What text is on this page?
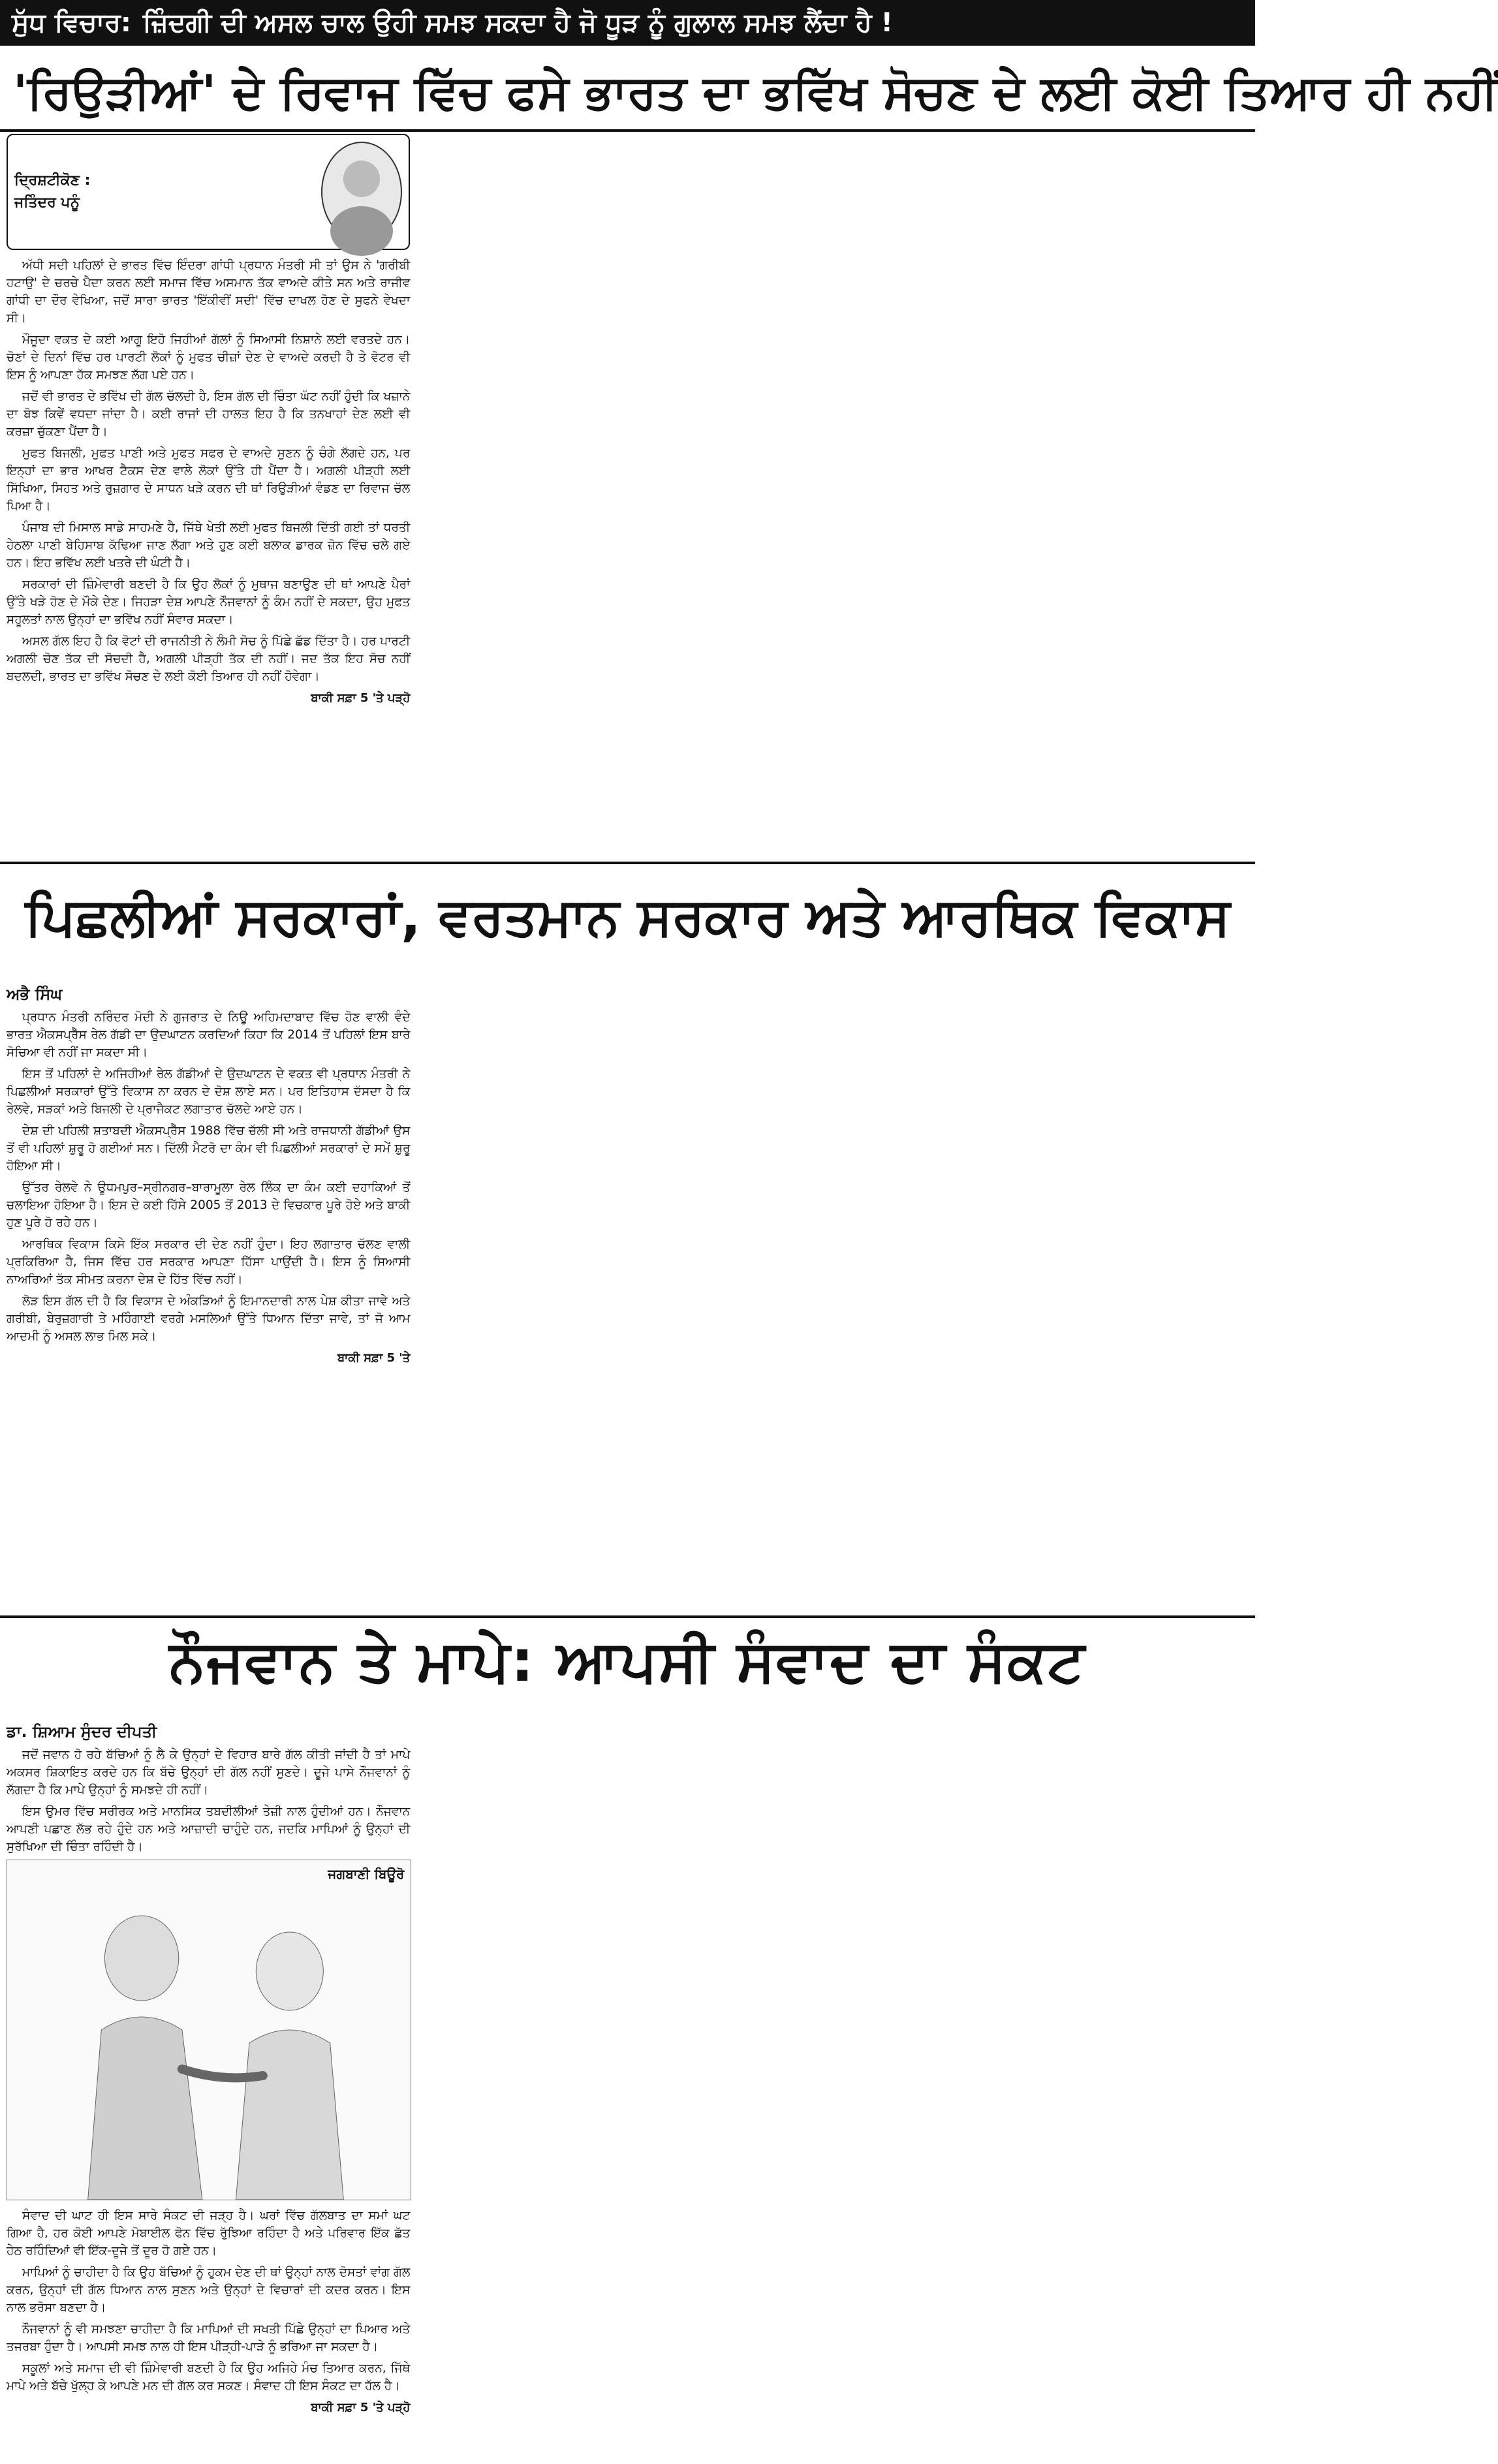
ਸੁੱਧ ਵਿਚਾਰ: ਜ਼ਿੰਦਗੀ ਦੀ ਅਸਲ ਚਾਲ ਉਹੀ ਸਮਝ ਸਕਦਾ ਹੈ ਜੋ ਧੂੜ ਨੂੰ ਗੁਲਾਲ ਸਮਝ ਲੈਂਦਾ ਹੈ !
'ਰਿਉੜੀਆਂ' ਦੇ ਰਿਵਾਜ ਵਿੱਚ ਫਸੇ ਭਾਰਤ ਦਾ ਭਵਿੱਖ ਸੋਚਣ ਦੇ ਲਈ ਕੋਈ ਤਿਆਰ ਹੀ ਨਹੀਂ
ਦ੍ਰਿਸ਼ਟੀਕੋਣ :
ਜਤਿੰਦਰ ਪਨੂੰ

ਅੱਧੀ ਸਦੀ ਪਹਿਲਾਂ ਦੇ ਭਾਰਤ ਵਿੱਚ ਇੰਦਰਾ ਗਾਂਧੀ ਪ੍ਰਧਾਨ ਮੰਤਰੀ ਸੀ ਤਾਂ ਉਸ ਨੇ 'ਗਰੀਬੀ ਹਟਾਉ' ਦੇ ਚਰਚੇ ਪੈਦਾ ਕਰਨ ਲਈ ਸਮਾਜ ਵਿੱਚ ਅਸਮਾਨ ਤੱਕ ਵਾਅਦੇ ਕੀਤੇ ਸਨ ਅਤੇ ਰਾਜੀਵ ਗਾਂਧੀ ਦਾ ਦੌਰ ਵੇਖਿਆ, ਜਦੋਂ ਸਾਰਾ ਭਾਰਤ 'ਇੱਕੀਵੀਂ ਸਦੀ' ਵਿੱਚ ਦਾਖਲ ਹੋਣ ਦੇ ਸੁਫਨੇ ਵੇਖਦਾ ਸੀ।

ਮੌਜੂਦਾ ਵਕਤ ਦੇ ਕਈ ਆਗੂ ਇਹੋ ਜਿਹੀਆਂ ਗੱਲਾਂ ਨੂੰ ਸਿਆਸੀ ਨਿਸ਼ਾਨੇ ਲਈ ਵਰਤਦੇ ਹਨ। ਚੋਣਾਂ ਦੇ ਦਿਨਾਂ ਵਿੱਚ ਹਰ ਪਾਰਟੀ ਲੋਕਾਂ ਨੂੰ ਮੁਫਤ ਚੀਜ਼ਾਂ ਦੇਣ ਦੇ ਵਾਅਦੇ ਕਰਦੀ ਹੈ ਤੇ ਵੋਟਰ ਵੀ ਇਸ ਨੂੰ ਆਪਣਾ ਹੱਕ ਸਮਝਣ ਲੱਗ ਪਏ ਹਨ।

ਜਦੋਂ ਵੀ ਭਾਰਤ ਦੇ ਭਵਿੱਖ ਦੀ ਗੱਲ ਚੱਲਦੀ ਹੈ, ਇਸ ਗੱਲ ਦੀ ਚਿੰਤਾ ਘੱਟ ਨਹੀਂ ਹੁੰਦੀ ਕਿ ਖਜ਼ਾਨੇ ਦਾ ਬੋਝ ਕਿਵੇਂ ਵਧਦਾ ਜਾਂਦਾ ਹੈ। ਕਈ ਰਾਜਾਂ ਦੀ ਹਾਲਤ ਇਹ ਹੈ ਕਿ ਤਨਖਾਹਾਂ ਦੇਣ ਲਈ ਵੀ ਕਰਜ਼ਾ ਚੁੱਕਣਾ ਪੈਂਦਾ ਹੈ।

ਮੁਫਤ ਬਿਜਲੀ, ਮੁਫਤ ਪਾਣੀ ਅਤੇ ਮੁਫਤ ਸਫਰ ਦੇ ਵਾਅਦੇ ਸੁਣਨ ਨੂੰ ਚੰਗੇ ਲੱਗਦੇ ਹਨ, ਪਰ ਇਨ੍ਹਾਂ ਦਾ ਭਾਰ ਆਖਰ ਟੈਕਸ ਦੇਣ ਵਾਲੇ ਲੋਕਾਂ ਉੱਤੇ ਹੀ ਪੈਂਦਾ ਹੈ। ਅਗਲੀ ਪੀੜ੍ਹੀ ਲਈ ਸਿੱਖਿਆ, ਸਿਹਤ ਅਤੇ ਰੁਜ਼ਗਾਰ ਦੇ ਸਾਧਨ ਖੜੇ ਕਰਨ ਦੀ ਥਾਂ ਰਿਉੜੀਆਂ ਵੰਡਣ ਦਾ ਰਿਵਾਜ ਚੱਲ ਪਿਆ ਹੈ।

ਪੰਜਾਬ ਦੀ ਮਿਸਾਲ ਸਾਡੇ ਸਾਹਮਣੇ ਹੈ, ਜਿੱਥੇ ਖੇਤੀ ਲਈ ਮੁਫਤ ਬਿਜਲੀ ਦਿੱਤੀ ਗਈ ਤਾਂ ਧਰਤੀ ਹੇਠਲਾ ਪਾਣੀ ਬੇਹਿਸਾਬ ਕੱਢਿਆ ਜਾਣ ਲੱਗਾ ਅਤੇ ਹੁਣ ਕਈ ਬਲਾਕ ਡਾਰਕ ਜ਼ੋਨ ਵਿੱਚ ਚਲੇ ਗਏ ਹਨ। ਇਹ ਭਵਿੱਖ ਲਈ ਖਤਰੇ ਦੀ ਘੰਟੀ ਹੈ।

ਸਰਕਾਰਾਂ ਦੀ ਜ਼ਿੰਮੇਵਾਰੀ ਬਣਦੀ ਹੈ ਕਿ ਉਹ ਲੋਕਾਂ ਨੂੰ ਮੁਥਾਜ ਬਣਾਉਣ ਦੀ ਥਾਂ ਆਪਣੇ ਪੈਰਾਂ ਉੱਤੇ ਖੜੇ ਹੋਣ ਦੇ ਮੌਕੇ ਦੇਣ। ਜਿਹੜਾ ਦੇਸ਼ ਆਪਣੇ ਨੌਜਵਾਨਾਂ ਨੂੰ ਕੰਮ ਨਹੀਂ ਦੇ ਸਕਦਾ, ਉਹ ਮੁਫਤ ਸਹੂਲਤਾਂ ਨਾਲ ਉਨ੍ਹਾਂ ਦਾ ਭਵਿੱਖ ਨਹੀਂ ਸੰਵਾਰ ਸਕਦਾ।

ਅਸਲ ਗੱਲ ਇਹ ਹੈ ਕਿ ਵੋਟਾਂ ਦੀ ਰਾਜਨੀਤੀ ਨੇ ਲੰਮੀ ਸੋਚ ਨੂੰ ਪਿੱਛੇ ਛੱਡ ਦਿੱਤਾ ਹੈ। ਹਰ ਪਾਰਟੀ ਅਗਲੀ ਚੋਣ ਤੱਕ ਦੀ ਸੋਚਦੀ ਹੈ, ਅਗਲੀ ਪੀੜ੍ਹੀ ਤੱਕ ਦੀ ਨਹੀਂ। ਜਦ ਤੱਕ ਇਹ ਸੋਚ ਨਹੀਂ ਬਦਲਦੀ, ਭਾਰਤ ਦਾ ਭਵਿੱਖ ਸੋਚਣ ਦੇ ਲਈ ਕੋਈ ਤਿਆਰ ਹੀ ਨਹੀਂ ਹੋਵੇਗਾ।

ਬਾਕੀ ਸਫ਼ਾ 5 'ਤੇ ਪੜ੍ਹੋ
ਪਿਛਲੀਆਂ ਸਰਕਾਰਾਂ, ਵਰਤਮਾਨ ਸਰਕਾਰ ਅਤੇ ਆਰਥਿਕ ਵਿਕਾਸ
ਅਭੈ ਸਿੰਘ

ਪ੍ਰਧਾਨ ਮੰਤਰੀ ਨਰਿੰਦਰ ਮੋਦੀ ਨੇ ਗੁਜਰਾਤ ਦੇ ਨਿਊ ਅਹਿਮਦਾਬਾਦ ਵਿੱਚ ਹੋਣ ਵਾਲੀ ਵੰਦੇ ਭਾਰਤ ਐਕਸਪ੍ਰੈੱਸ ਰੇਲ ਗੱਡੀ ਦਾ ਉਦਘਾਟਨ ਕਰਦਿਆਂ ਕਿਹਾ ਕਿ 2014 ਤੋਂ ਪਹਿਲਾਂ ਇਸ ਬਾਰੇ ਸੋਚਿਆ ਵੀ ਨਹੀਂ ਜਾ ਸਕਦਾ ਸੀ।

ਇਸ ਤੋਂ ਪਹਿਲਾਂ ਦੇ ਅਜਿਹੀਆਂ ਰੇਲ ਗੱਡੀਆਂ ਦੇ ਉਦਘਾਟਨ ਦੇ ਵਕਤ ਵੀ ਪ੍ਰਧਾਨ ਮੰਤਰੀ ਨੇ ਪਿਛਲੀਆਂ ਸਰਕਾਰਾਂ ਉੱਤੇ ਵਿਕਾਸ ਨਾ ਕਰਨ ਦੇ ਦੋਸ਼ ਲਾਏ ਸਨ। ਪਰ ਇਤਿਹਾਸ ਦੱਸਦਾ ਹੈ ਕਿ ਰੇਲਵੇ, ਸੜਕਾਂ ਅਤੇ ਬਿਜਲੀ ਦੇ ਪ੍ਰਾਜੈਕਟ ਲਗਾਤਾਰ ਚੱਲਦੇ ਆਏ ਹਨ।

ਦੇਸ਼ ਦੀ ਪਹਿਲੀ ਸ਼ਤਾਬਦੀ ਐਕਸਪ੍ਰੈੱਸ 1988 ਵਿੱਚ ਚੱਲੀ ਸੀ ਅਤੇ ਰਾਜਧਾਨੀ ਗੱਡੀਆਂ ਉਸ ਤੋਂ ਵੀ ਪਹਿਲਾਂ ਸ਼ੁਰੂ ਹੋ ਗਈਆਂ ਸਨ। ਦਿੱਲੀ ਮੈਟਰੋ ਦਾ ਕੰਮ ਵੀ ਪਿਛਲੀਆਂ ਸਰਕਾਰਾਂ ਦੇ ਸਮੇਂ ਸ਼ੁਰੂ ਹੋਇਆ ਸੀ।

ਉੱਤਰ ਰੇਲਵੇ ਨੇ ਊਧਮਪੁਰ–ਸ੍ਰੀਨਗਰ–ਬਾਰਾਮੂਲਾ ਰੇਲ ਲਿੰਕ ਦਾ ਕੰਮ ਕਈ ਦਹਾਕਿਆਂ ਤੋਂ ਚਲਾਇਆ ਹੋਇਆ ਹੈ। ਇਸ ਦੇ ਕਈ ਹਿੱਸੇ 2005 ਤੋਂ 2013 ਦੇ ਵਿਚਕਾਰ ਪੂਰੇ ਹੋਏ ਅਤੇ ਬਾਕੀ ਹੁਣ ਪੂਰੇ ਹੋ ਰਹੇ ਹਨ।

ਆਰਥਿਕ ਵਿਕਾਸ ਕਿਸੇ ਇੱਕ ਸਰਕਾਰ ਦੀ ਦੇਣ ਨਹੀਂ ਹੁੰਦਾ। ਇਹ ਲਗਾਤਾਰ ਚੱਲਣ ਵਾਲੀ ਪ੍ਰਕਿਰਿਆ ਹੈ, ਜਿਸ ਵਿੱਚ ਹਰ ਸਰਕਾਰ ਆਪਣਾ ਹਿੱਸਾ ਪਾਉਂਦੀ ਹੈ। ਇਸ ਨੂੰ ਸਿਆਸੀ ਨਾਅਰਿਆਂ ਤੱਕ ਸੀਮਤ ਕਰਨਾ ਦੇਸ਼ ਦੇ ਹਿੱਤ ਵਿੱਚ ਨਹੀਂ।

ਲੋੜ ਇਸ ਗੱਲ ਦੀ ਹੈ ਕਿ ਵਿਕਾਸ ਦੇ ਅੰਕੜਿਆਂ ਨੂੰ ਇਮਾਨਦਾਰੀ ਨਾਲ ਪੇਸ਼ ਕੀਤਾ ਜਾਵੇ ਅਤੇ ਗਰੀਬੀ, ਬੇਰੁਜ਼ਗਾਰੀ ਤੇ ਮਹਿੰਗਾਈ ਵਰਗੇ ਮਸਲਿਆਂ ਉੱਤੇ ਧਿਆਨ ਦਿੱਤਾ ਜਾਵੇ, ਤਾਂ ਜੋ ਆਮ ਆਦਮੀ ਨੂੰ ਅਸਲ ਲਾਭ ਮਿਲ ਸਕੇ।

ਬਾਕੀ ਸਫ਼ਾ 5 'ਤੇ
ਨੌਜਵਾਨ ਤੇ ਮਾਪੇ: ਆਪਸੀ ਸੰਵਾਦ ਦਾ ਸੰਕਟ
ਡਾ. ਸ਼ਿਆਮ ਸੁੰਦਰ ਦੀਪਤੀ

ਜਦੋਂ ਜਵਾਨ ਹੋ ਰਹੇ ਬੱਚਿਆਂ ਨੂੰ ਲੈ ਕੇ ਉਨ੍ਹਾਂ ਦੇ ਵਿਹਾਰ ਬਾਰੇ ਗੱਲ ਕੀਤੀ ਜਾਂਦੀ ਹੈ ਤਾਂ ਮਾਪੇ ਅਕਸਰ ਸ਼ਿਕਾਇਤ ਕਰਦੇ ਹਨ ਕਿ ਬੱਚੇ ਉਨ੍ਹਾਂ ਦੀ ਗੱਲ ਨਹੀਂ ਸੁਣਦੇ। ਦੂਜੇ ਪਾਸੇ ਨੌਜਵਾਨਾਂ ਨੂੰ ਲੱਗਦਾ ਹੈ ਕਿ ਮਾਪੇ ਉਨ੍ਹਾਂ ਨੂੰ ਸਮਝਦੇ ਹੀ ਨਹੀਂ।

ਇਸ ਉਮਰ ਵਿੱਚ ਸਰੀਰਕ ਅਤੇ ਮਾਨਸਿਕ ਤਬਦੀਲੀਆਂ ਤੇਜ਼ੀ ਨਾਲ ਹੁੰਦੀਆਂ ਹਨ। ਨੌਜਵਾਨ ਆਪਣੀ ਪਛਾਣ ਲੱਭ ਰਹੇ ਹੁੰਦੇ ਹਨ ਅਤੇ ਆਜ਼ਾਦੀ ਚਾਹੁੰਦੇ ਹਨ, ਜਦਕਿ ਮਾਪਿਆਂ ਨੂੰ ਉਨ੍ਹਾਂ ਦੀ ਸੁਰੱਖਿਆ ਦੀ ਚਿੰਤਾ ਰਹਿੰਦੀ ਹੈ।

ਜਗਬਾਣੀ ਬਿਊਰੋ

ਸੰਵਾਦ ਦੀ ਘਾਟ ਹੀ ਇਸ ਸਾਰੇ ਸੰਕਟ ਦੀ ਜੜ੍ਹ ਹੈ। ਘਰਾਂ ਵਿੱਚ ਗੱਲਬਾਤ ਦਾ ਸਮਾਂ ਘਟ ਗਿਆ ਹੈ, ਹਰ ਕੋਈ ਆਪਣੇ ਮੋਬਾਈਲ ਫੋਨ ਵਿੱਚ ਰੁੱਝਿਆ ਰਹਿੰਦਾ ਹੈ ਅਤੇ ਪਰਿਵਾਰ ਇੱਕ ਛੱਤ ਹੇਠ ਰਹਿੰਦਿਆਂ ਵੀ ਇੱਕ-ਦੂਜੇ ਤੋਂ ਦੂਰ ਹੋ ਗਏ ਹਨ।

ਮਾਪਿਆਂ ਨੂੰ ਚਾਹੀਦਾ ਹੈ ਕਿ ਉਹ ਬੱਚਿਆਂ ਨੂੰ ਹੁਕਮ ਦੇਣ ਦੀ ਥਾਂ ਉਨ੍ਹਾਂ ਨਾਲ ਦੋਸਤਾਂ ਵਾਂਗ ਗੱਲ ਕਰਨ, ਉਨ੍ਹਾਂ ਦੀ ਗੱਲ ਧਿਆਨ ਨਾਲ ਸੁਣਨ ਅਤੇ ਉਨ੍ਹਾਂ ਦੇ ਵਿਚਾਰਾਂ ਦੀ ਕਦਰ ਕਰਨ। ਇਸ ਨਾਲ ਭਰੋਸਾ ਬਣਦਾ ਹੈ।

ਨੌਜਵਾਨਾਂ ਨੂੰ ਵੀ ਸਮਝਣਾ ਚਾਹੀਦਾ ਹੈ ਕਿ ਮਾਪਿਆਂ ਦੀ ਸਖਤੀ ਪਿੱਛੇ ਉਨ੍ਹਾਂ ਦਾ ਪਿਆਰ ਅਤੇ ਤਜਰਬਾ ਹੁੰਦਾ ਹੈ। ਆਪਸੀ ਸਮਝ ਨਾਲ ਹੀ ਇਸ ਪੀੜ੍ਹੀ-ਪਾੜੇ ਨੂੰ ਭਰਿਆ ਜਾ ਸਕਦਾ ਹੈ।

ਸਕੂਲਾਂ ਅਤੇ ਸਮਾਜ ਦੀ ਵੀ ਜ਼ਿੰਮੇਵਾਰੀ ਬਣਦੀ ਹੈ ਕਿ ਉਹ ਅਜਿਹੇ ਮੰਚ ਤਿਆਰ ਕਰਨ, ਜਿੱਥੇ ਮਾਪੇ ਅਤੇ ਬੱਚੇ ਖੁੱਲ੍ਹ ਕੇ ਆਪਣੇ ਮਨ ਦੀ ਗੱਲ ਕਰ ਸਕਣ। ਸੰਵਾਦ ਹੀ ਇਸ ਸੰਕਟ ਦਾ ਹੱਲ ਹੈ।

ਬਾਕੀ ਸਫ਼ਾ 5 'ਤੇ ਪੜ੍ਹੋ
